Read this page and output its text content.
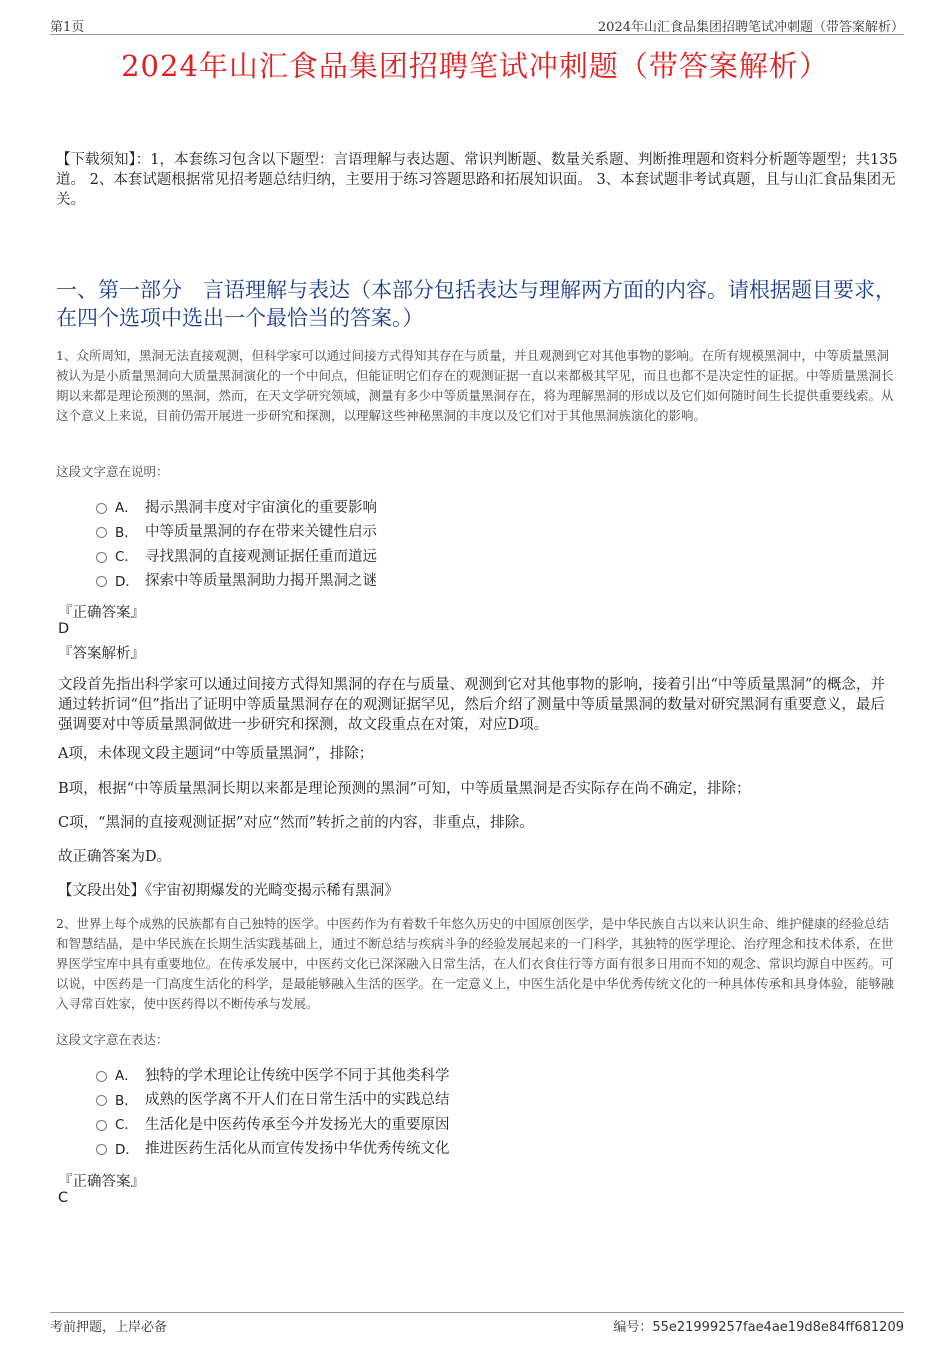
第1页	2024年山汇食品集团招聘笔试冲刺题（带答案解析）
2024年山汇食品集团招聘笔试冲刺题（带答案解析）
【下载须知】：1，本套练习包含以下题型：言语理解与表达题、常识判断题、数量关系题、判断推理题和资料分析题等题型；共135道。 2、本套试题根据常见招考题总结归纳，主要用于练习答题思路和拓展知识面。 3、本套试题非考试真题，且与山汇食品集团无关。
一、第一部分　言语理解与表达（本部分包括表达与理解两方面的内容。请根据题目要求，在四个选项中选出一个最恰当的答案。）
1、众所周知，黑洞无法直接观测，但科学家可以通过间接方式得知其存在与质量，并且观测到它对其他事物的影响。在所有规模黑洞中，中等质量黑洞被认为是小质量黑洞向大质量黑洞演化的一个中间点，但能证明它们存在的观测证据一直以来都极其罕见，而且也都不是决定性的证据。中等质量黑洞长期以来都是理论预测的黑洞，然而，在天文学研究领域，测量有多少中等质量黑洞存在，将为理解黑洞的形成以及它们如何随时间生长提供重要线索。从这个意义上来说，目前仍需开展进一步研究和探测，以理解这些神秘黑洞的丰度以及它们对于其他黑洞族演化的影响。
这段文字意在说明：
A． 揭示黑洞丰度对宇宙演化的重要影响
B． 中等质量黑洞的存在带来关键性启示
C． 寻找黑洞的直接观测证据任重而道远
D． 探索中等质量黑洞助力揭开黑洞之谜
『正确答案』
D
『答案解析』
文段首先指出科学家可以通过间接方式得知黑洞的存在与质量、观测到它对其他事物的影响，接着引出“中等质量黑洞”的概念，并通过转折词“但”指出了证明中等质量黑洞存在的观测证据罕见，然后介绍了测量中等质量黑洞的数量对研究黑洞有重要意义，最后强调要对中等质量黑洞做进一步研究和探测，故文段重点在对策，对应D项。
A项，未体现文段主题词“中等质量黑洞”，排除；
B项，根据“中等质量黑洞长期以来都是理论预测的黑洞”可知，中等质量黑洞是否实际存在尚不确定，排除；
C项，“黑洞的直接观测证据”对应“然而”转折之前的内容，非重点，排除。
故正确答案为D。
【文段出处】《宇宙初期爆发的光畸变揭示稀有黑洞》
2、世界上每个成熟的民族都有自己独特的医学。中医药作为有着数千年悠久历史的中国原创医学，是中华民族自古以来认识生命、维护健康的经验总结和智慧结晶，是中华民族在长期生活实践基础上，通过不断总结与疾病斗争的经验发展起来的一门科学，其独特的医学理论、治疗理念和技术体系，在世界医学宝库中具有重要地位。在传承发展中，中医药文化已深深融入日常生活，在人们衣食住行等方面有很多日用而不知的观念、常识均源自中医药。可以说，中医药是一门高度生活化的科学，是最能够融入生活的医学。在一定意义上，中医生活化是中华优秀传统文化的一种具体传承和具身体验，能够融入寻常百姓家，使中医药得以不断传承与发展。
这段文字意在表达：
A． 独特的学术理论让传统中医学不同于其他类科学
B． 成熟的医学离不开人们在日常生活中的实践总结
C． 生活化是中医药传承至今并发扬光大的重要原因
D． 推进医药生活化从而宣传发扬中华优秀传统文化
『正确答案』
C
考前押题，上岸必备	编号：55e21999257fae4ae19d8e84ff681209
